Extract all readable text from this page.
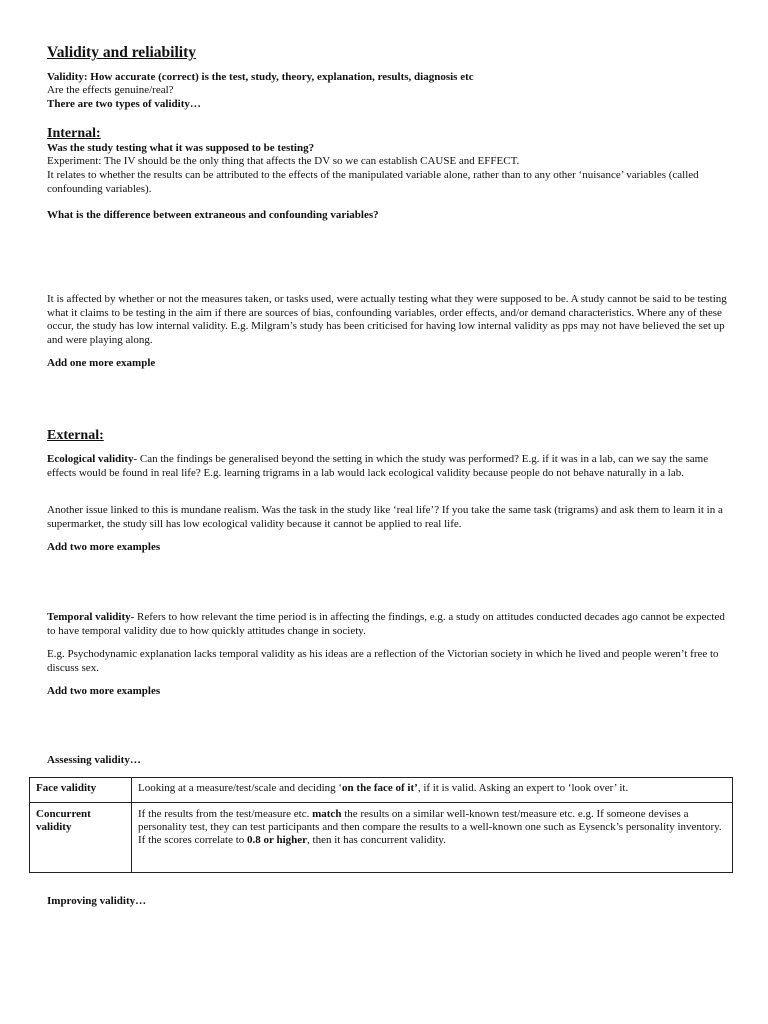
Validity and reliability

Validity: How accurate (correct) is the test, study, theory, explanation, results, diagnosis etc

Are the effects genuine/real?

There are two types of validity…

Internal:

Was the study testing what it was supposed to be testing?

Experiment: The IV should be the only thing that affects the DV so we can establish CAUSE and EFFECT.

It relates to whether the results can be attributed to the effects of the manipulated variable alone, rather than to any other ‘nuisance’ variables (called confounding variables).

What is the difference between extraneous and confounding variables?

It is affected by whether or not the measures taken, or tasks used, were actually testing what they were supposed to be. A study cannot be said to be testing what it claims to be testing in the aim if there are sources of bias, confounding variables, order effects, and/or demand characteristics. Where any of these occur, the study has low internal validity. E.g. Milgram’s study has been criticised for having low internal validity as pps may not have believed the set up and were playing along.

Add one more example

External:

Ecological validity- Can the findings be generalised beyond the setting in which the study was performed? E.g. if it was in a lab, can we say the same effects would be found in real life? E.g. learning trigrams in a lab would lack ecological validity because people do not behave naturally in a lab.

Another issue linked to this is mundane realism. Was the task in the study like ‘real life’? If you take the same task (trigrams) and ask them to learn it in a supermarket, the study sill has low ecological validity because it cannot be applied to real life.

Add two more examples

Temporal validity- Refers to how relevant the time period is in affecting the findings, e.g. a study on attitudes conducted decades ago cannot be expected to have temporal validity due to how quickly attitudes change in society.

E.g. Psychodynamic explanation lacks temporal validity as his ideas are a reflection of the Victorian society in which he lived and people weren’t free to discuss sex.

Add two more examples

Assessing validity…

Face validity	Looking at a measure/test/scale and deciding ‘on the face of it’, if it is valid. Asking an expert to ‘look over’ it.
Concurrent validity	If the results from the test/measure etc. match the results on a similar well-known test/measure etc. e.g. If someone devises a personality test, they can test participants and then compare the results to a well-known one such as Eysenck’s personality inventory.
If the scores correlate to 0.8 or higher, then it has concurrent validity.

Improving validity…
